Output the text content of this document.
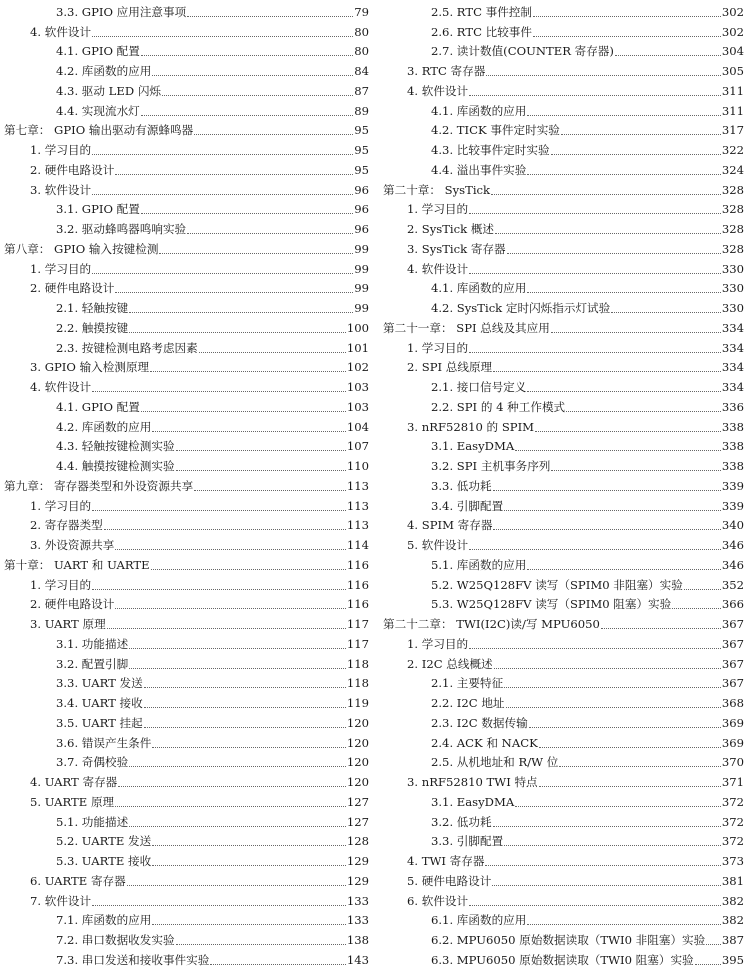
3.3. GPIO 应用注意事项	79
4. 软件设计	80
4.1. GPIO 配置	80
4.2. 库函数的应用	84
4.3. 驱动 LED 闪烁	87
4.4. 实现流水灯	89
第七章： GPIO 输出驱动有源蜂鸣器	95
1. 学习目的	95
2. 硬件电路设计	95
3. 软件设计	96
3.1. GPIO 配置	96
3.2. 驱动蜂鸣器鸣响实验	96
第八章： GPIO 输入按键检测	99
1. 学习目的	99
2. 硬件电路设计	99
2.1. 轻触按键	99
2.2. 触摸按键	100
2.3. 按键检测电路考虑因素	101
3. GPIO 输入检测原理	102
4. 软件设计	103
4.1. GPIO 配置	103
4.2. 库函数的应用	104
4.3. 轻触按键检测实验	107
4.4. 触摸按键检测实验	110
第九章： 寄存器类型和外设资源共享	113
1. 学习目的	113
2. 寄存器类型	113
3. 外设资源共享	114
第十章： UART 和 UARTE	116
1. 学习目的	116
2. 硬件电路设计	116
3. UART 原理	117
3.1. 功能描述	117
3.2. 配置引脚	118
3.3. UART 发送	118
3.4. UART 接收	119
3.5. UART 挂起	120
3.6. 错误产生条件	120
3.7. 奇偶校验	120
4. UART 寄存器	120
5. UARTE 原理	127
5.1. 功能描述	127
5.2. UARTE 发送	128
5.3. UARTE 接收	129
6. UARTE 寄存器	129
7. 软件设计	133
7.1. 库函数的应用	133
7.2. 串口数据收发实验	138
7.3. 串口发送和接收事件实验	143
2.5. RTC 事件控制	302
2.6. RTC 比较事件	302
2.7. 读计数值(COUNTER 寄存器)	304
3. RTC 寄存器	305
4. 软件设计	311
4.1. 库函数的应用	311
4.2. TICK 事件定时实验	317
4.3. 比较事件定时实验	322
4.4. 溢出事件实验	324
第二十章： SysTick	328
1. 学习目的	328
2. SysTick 概述	328
3. SysTick 寄存器	328
4. 软件设计	330
4.1. 库函数的应用	330
4.2. SysTick 定时闪烁指示灯试验	330
第二十一章： SPI 总线及其应用	334
1. 学习目的	334
2. SPI 总线原理	334
2.1. 接口信号定义	334
2.2. SPI 的 4 种工作模式	336
3. nRF52810 的 SPIM	338
3.1. EasyDMA	338
3.2. SPI 主机事务序列	338
3.3. 低功耗	339
3.4. 引脚配置	339
4. SPIM 寄存器	340
5. 软件设计	346
5.1. 库函数的应用	346
5.2. W25Q128FV 读写（SPIM0 非阻塞）实验	352
5.3. W25Q128FV 读写（SPIM0 阻塞）实验	366
第二十二章： TWI(I2C)读/写 MPU6050	367
1. 学习目的	367
2. I2C 总线概述	367
2.1. 主要特征	367
2.2. I2C 地址	368
2.3. I2C 数据传输	369
2.4. ACK 和 NACK	369
2.5. 从机地址和 R/W 位	370
3. nRF52810 TWI 特点	371
3.1. EasyDMA	372
3.2. 低功耗	372
3.3. 引脚配置	372
4. TWI 寄存器	373
5. 硬件电路设计	381
6. 软件设计	382
6.1. 库函数的应用	382
6.2. MPU6050 原始数据读取（TWI0 非阻塞）实验 387
6.3. MPU6050 原始数据读取（TWI0 阻塞）实验 395
